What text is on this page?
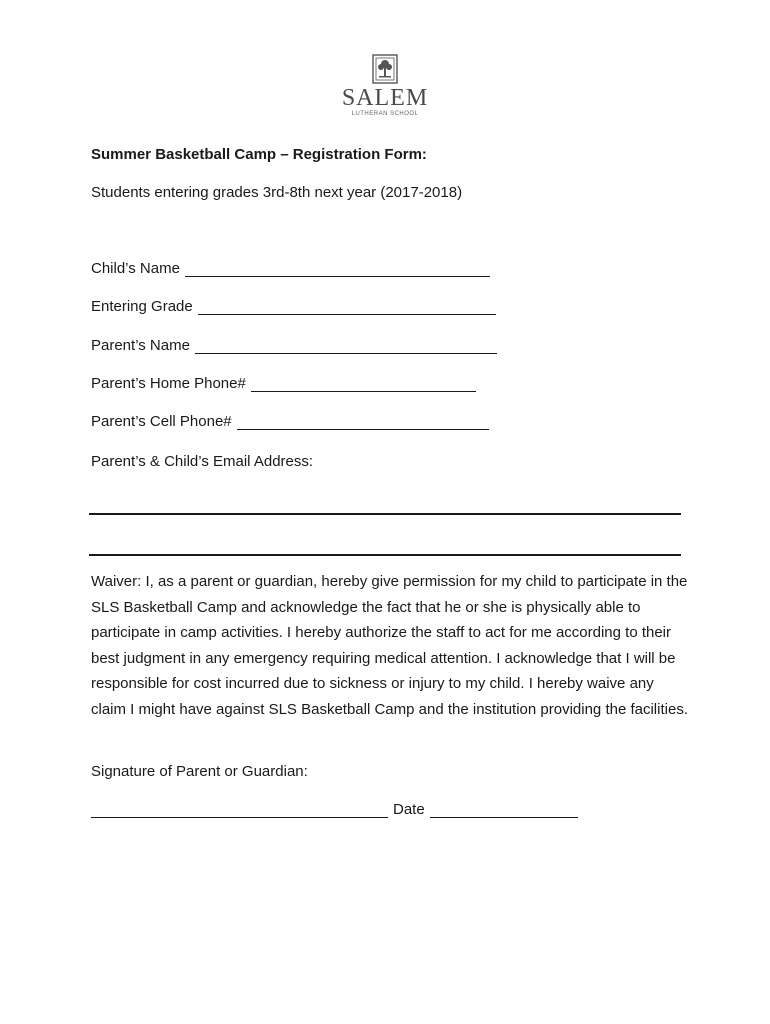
SALEM
LUTHERAN SCHOOL
Summer Basketball Camp – Registration Form:
Students entering grades 3rd-8th next year (2017-2018)
Child’s Name
Entering Grade
Parent’s Name
Parent’s Home Phone#
Parent’s Cell Phone#
Parent’s & Child’s Email Address:
Waiver: I, as a parent or guardian, hereby give permission for my child to participate in the SLS Basketball Camp and acknowledge the fact that he or she is physically able to participate in camp activities. I hereby authorize the staff to act for me according to their best judgment in any emergency requiring medical attention. I acknowledge that I will be responsible for cost incurred due to sickness or injury to my child. I hereby waive any claim I might have against SLS Basketball Camp and the institution providing the facilities.
Signature of Parent or Guardian:
Date
